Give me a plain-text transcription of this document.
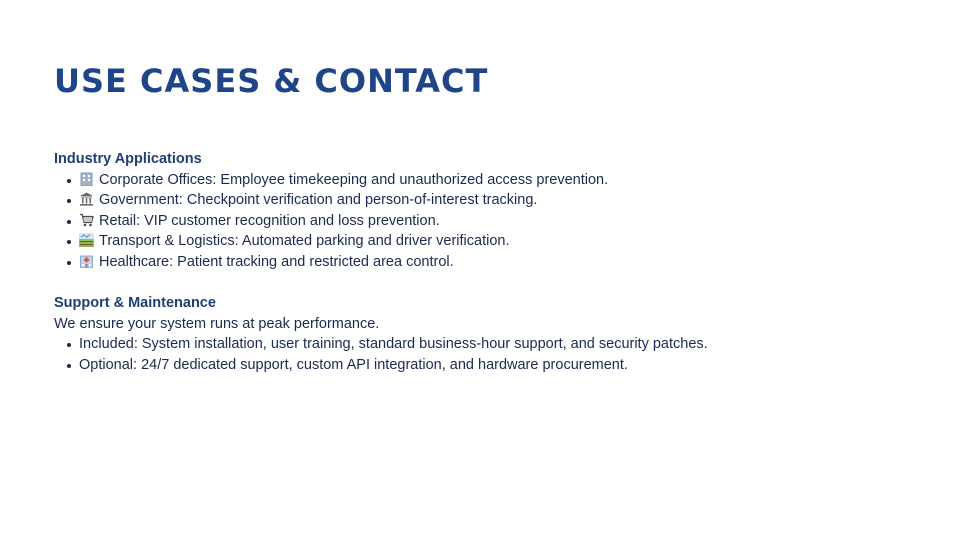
USE CASES & CONTACT

Industry Applications

Corporate Offices: Employee timekeeping and unauthorized access prevention.
Government: Checkpoint verification and person-of-interest tracking.
Retail: VIP customer recognition and loss prevention.
Transport & Logistics: Automated parking and driver verification.
Healthcare: Patient tracking and restricted area control.

Support & Maintenance

We ensure your system runs at peak performance.

Included: System installation, user training, standard business-hour support, and security patches.
Optional: 24/7 dedicated support, custom API integration, and hardware procurement.
